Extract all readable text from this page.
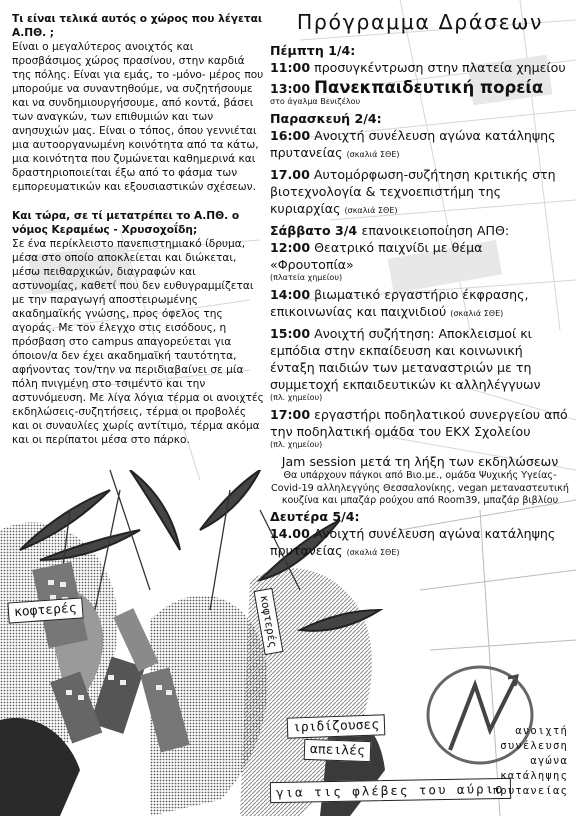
Τι είναι τελικά αυτός ο χώρος που λέγεται Α.ΠΘ. ;

Είναι ο μεγαλύτερος ανοιχτός και προσβάσιμος χώρος πρασίνου, στην καρδιά της πόλης. Είναι για εμάς, το -μόνο- μέρος που μπορούμε να συναντηθούμε, να συζητήσουμε και να συνδημιουργήσουμε, από κοντά, βάσει των αναγκών, των επιθυμιών και των ανησυχιών μας. Είναι ο τόπος, όπου γεννιέται μια αυτοοργανωμένη κοινότητα από τα κάτω, μια κοινότητα που ζυμώνεται καθημερινά και δραστηριοποιείται έξω από το φάσμα των εμπορευματικών και εξουσιαστικών σχέσεων.

Και τώρα, σε τί μετατρέπει το Α.ΠΘ. ο νόμος Κεραμέως - Χρυσοχοΐδη;

Σε ένα περίκλειστο πανεπιστημιακό ίδρυμα, μέσα στο οποίο αποκλείεται και διώκεται, μέσω πειθαρχικών, διαγραφών και αστυνομίας, καθετί που δεν ευθυγραμμίζεται με την παραγωγή αποστειρωμένης ακαδημαϊκής γνώσης, προς όφελος της αγοράς. Με τον έλεγχο στις εισόδους, η πρόσβαση στο campus απαγορεύεται για όποιον/α δεν έχει ακαδημαϊκή ταυτότητα, αφήνοντας τον/την να περιδιαβαίνει σε μία πόλη πνιγμένη στο τσιμέντο και την αστυνόμευση. Με λίγα λόγια τέρμα οι ανοιχτές εκδηλώσεις-συζητήσεις, τέρμα οι προβολές και οι συναυλίες χωρίς αντίτιμο, τέρμα ακόμα και οι περίπατοι μέσα στο πάρκο.

Πρόγραμμα Δράσεων

Πέμπτη 1/4:

11:00 προσυγκέντρωση στην πλατεία χημείου

13:00 Πανεκπαιδευτική πορεία

στο άγαλμα Βενιζέλου

Παρασκευή 2/4:

16:00 Ανοιχτή συνέλευση αγώνα κατάληψης πρυτανείας (σκαλιά ΣΘΕ)

17.00 Αυτομόρφωση-συζήτηση κριτικής στη βιοτεχνολογία & τεχνοεπιστήμη της κυριαρχίας (σκαλιά ΣΘΕ)

Σάββατο 3/4 επανοικειοποίηση ΑΠΘ:

12:00 Θεατρικό παιχνίδι με θέμα «Φρουτοπία»

(πλατεία χημείου)

14:00 βιωματικό εργαστήριο έκφρασης, επικοινωνίας και παιχνιδιού (σκαλιά ΣΘΕ)

15:00 Ανοιχτή συζήτηση: Αποκλεισμοί κι εμπόδια στην εκπαίδευση και κοινωνική ένταξη παιδιών των μεταναστριών με τη συμμετοχή εκπαιδευτικών κι αλληλέγγυων

(πλ. χημείου)

17:00 εργαστήρι ποδηλατικού συνεργείου από την ποδηλατική ομάδα του ΕΚΧ Σχολείου

(πλ. χημείου)

Jam session μετά τη λήξη των εκδηλώσεων

Θα υπάρχουν πάγκοι από Βιο.με., ομάδα Ψυχικής Υγείας-Covid-19 αλληλεγγύης Θεσσαλονίκης, vegan μεταναστευτική κουζίνα και μπαζάρ ρούχου από Room39, μπαζάρ βιβλίου

Δευτέρα 5/4:

14.00 Ανοιχτή συνέλευση αγώνα κατάληψης πρυτανείας (σκαλιά ΣΘΕ)

κοφτερές	κοφτερές
ιριδίζουσες
απειλές
για τις φλέβες του αύριο
ανοιχτή
συνέλευση
αγώνα
κατάληψης
πρυτανείας
